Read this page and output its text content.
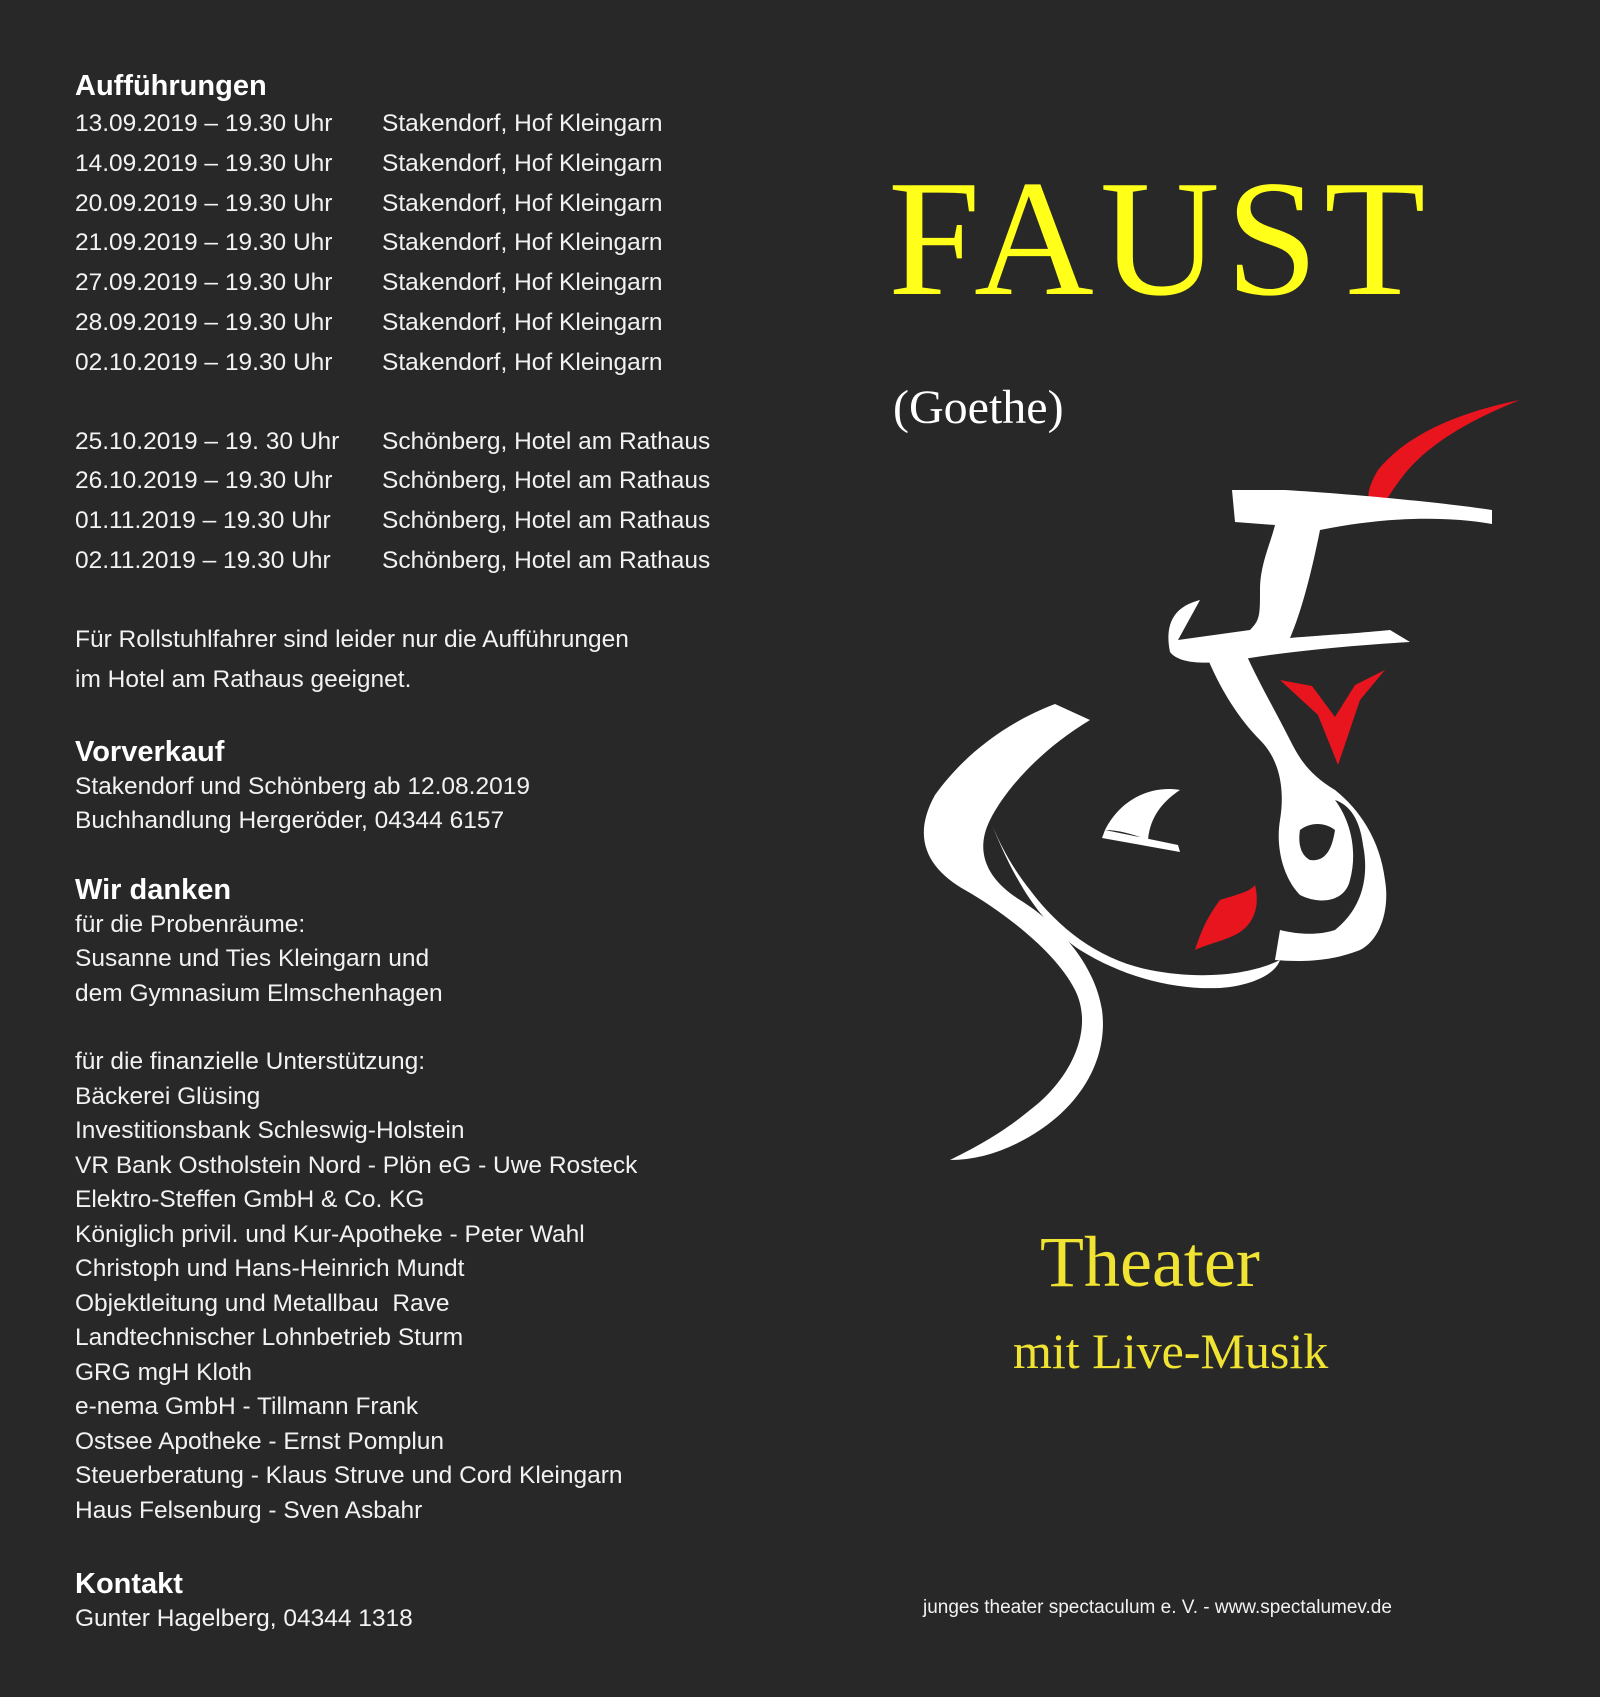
Aufführungen
13.09.2019 – 19.30 Uhr	Stakendorf, Hof Kleingarn
14.09.2019 – 19.30 Uhr	Stakendorf, Hof Kleingarn
20.09.2019 – 19.30 Uhr	Stakendorf, Hof Kleingarn
21.09.2019 – 19.30 Uhr	Stakendorf, Hof Kleingarn
27.09.2019 – 19.30 Uhr	Stakendorf, Hof Kleingarn
28.09.2019 – 19.30 Uhr	Stakendorf, Hof Kleingarn
02.10.2019 – 19.30 Uhr	Stakendorf, Hof Kleingarn
25.10.2019 – 19. 30 Uhr	Schönberg, Hotel am Rathaus
26.10.2019 – 19.30 Uhr	Schönberg, Hotel am Rathaus
01.11.2019 – 19.30 Uhr	Schönberg, Hotel am Rathaus
02.11.2019 – 19.30 Uhr	Schönberg, Hotel am Rathaus
Für Rollstuhlfahrer sind leider nur die Aufführungen
im Hotel am Rathaus geeignet.
Vorverkauf
Stakendorf und Schönberg ab 12.08.2019
Buchhandlung Hergeröder, 04344 6157
Wir danken
für die Probenräume:
Susanne und Ties Kleingarn und
dem Gymnasium Elmschenhagen
für die finanzielle Unterstützung:
Bäckerei Glüsing
Investitionsbank Schleswig-Holstein
VR Bank Ostholstein Nord - Plön eG - Uwe Rosteck
Elektro-Steffen GmbH & Co. KG
Königlich privil. und Kur-Apotheke - Peter Wahl
Christoph und Hans-Heinrich Mundt
Objektleitung und Metallbau  Rave
Landtechnischer Lohnbetrieb Sturm
GRG mgH Kloth
e-nema GmbH - Tillmann Frank
Ostsee Apotheke - Ernst Pomplun
Steuerberatung - Klaus Struve und Cord Kleingarn
Haus Felsenburg - Sven Asbahr
Kontakt
Gunter Hagelberg, 04344 1318
FAUST
(Goethe)
Theater
mit Live-Musik
junges theater spectaculum e. V. - www.spectalumev.de
